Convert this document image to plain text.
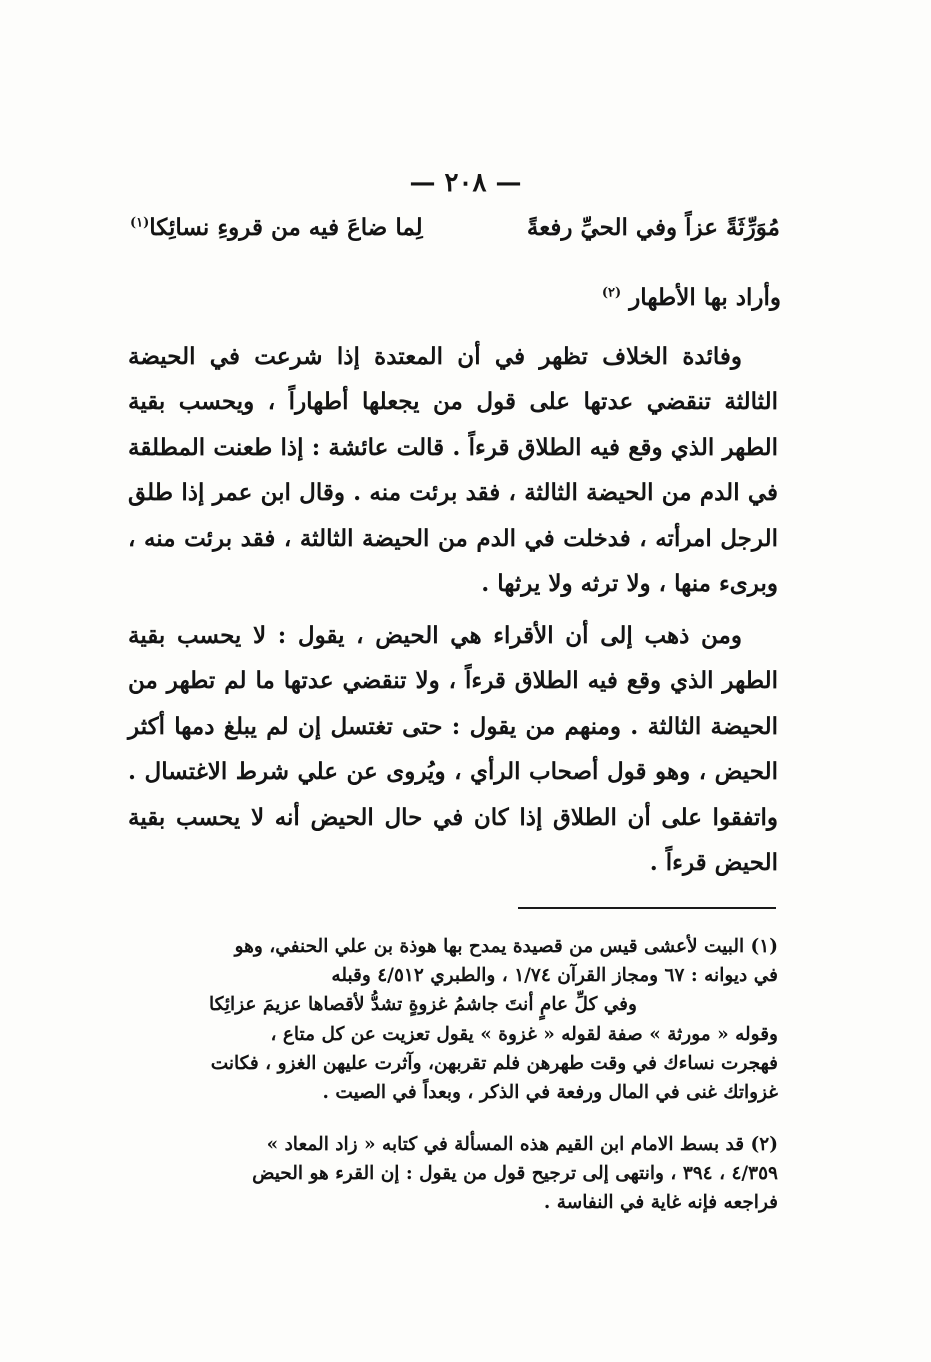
— ٢٠٨ —
مُوَرِّثَةً عزاً وفي الحيِّ رفعةً
لِما ضاعَ فيه من قروءِ نسائِكا$^{(١)}$
وأراد بها الأطهار $^{(٢)}$

وفائدة الخلاف تظهر في أن المعتدة إذا شرعت في الحيضة الثالثة تنقضي عدتها على قول من يجعلها أطهاراً ، ويحسب بقية الطهر الذي وقع فيه الطلاق قرءاً . قالت عائشة : إذا طعنت المطلقة في الدم من الحيضة الثالثة ، فقد برئت منه . وقال ابن عمر إذا طلق الرجل امرأته ، فدخلت في الدم من الحيضة الثالثة ، فقد برئت منه ، وبرىء منها ، ولا ترثه ولا يرثها .

ومن ذهب إلى أن الأقراء هي الحيض ، يقول : لا يحسب بقية الطهر الذي وقع فيه الطلاق قرءاً ، ولا تنقضي عدتها ما لم تطهر من الحيضة الثالثة . ومنهم من يقول : حتى تغتسل إن لم يبلغ دمها أكثر الحيض ، وهو قول أصحاب الرأي ، ويُروى عن علي شرط الاغتسال . واتفقوا على أن الطلاق إذا كان في حال الحيض أنه لا يحسب بقية الحيض قرءاً .

(١) البيت لأعشى قيس من قصيدة يمدح بها هوذة بن علي الحنفي، وهو
في ديوانه : ٦٧ ومجاز القرآن ١/٧٤ ، والطبري ٤/٥١٢ وقبله
وفي كلِّ عامٍ أنتَ جاشمُ غزوةٍ تشدُّ لأقصاها عزيمَ عزائِكا
وقوله « مورثة » صفة لقوله « غزوة » يقول تعزيت عن كل متاع ،
فهجرت نساءك في وقت طهرهن فلم تقربهن، وآثرت عليهن الغزو ، فكانت
غزواتك غنى في المال ورفعة في الذكر ، وبعداً في الصيت .
(٢) قد بسط الامام ابن القيم هذه المسألة في كتابه « زاد المعاد »
٤/٣٥٩ ، ٣٩٤ ، وانتهى إلى ترجيح قول من يقول : إن القرء هو الحيض
فراجعه فإنه غاية في النفاسة .
